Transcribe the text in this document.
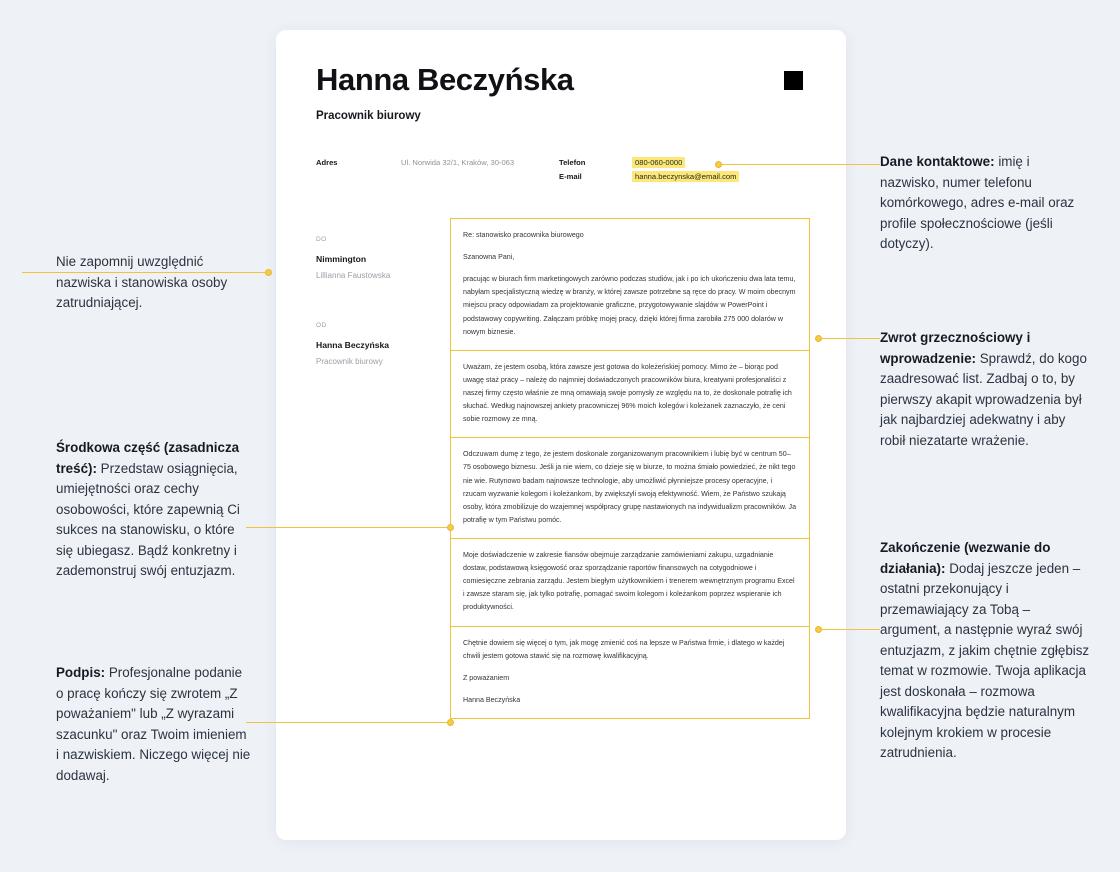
Hanna Beczyńska
Pracownik biurowy
Adres	Ul. Norwida 32/1, Kraków, 30-063	Telefon	080-060-0000
E-mail	hanna.beczynska@email.com
DO
Nimmington
Lillianna Faustowska
OD
Hanna Beczyńska
Pracownik biurowy

Re: stanowisko pracownika biurowego

Szanowna Pani,

pracując w biurach firm marketingowych zarówno podczas studiów, jak i po ich ukończeniu dwa lata temu, nabyłam specjalistyczną wiedzę w branży, w której zawsze potrzebne są ręce do pracy. W moim obecnym miejscu pracy odpowiadam za projektowanie graficzne, przygotowywanie slajdów w PowerPoint i podstawowy copywriting. Załączam próbkę mojej pracy, dzięki której firma zarobiła 275 000 dolarów w nowym biznesie.

Uważam, że jestem osobą, która zawsze jest gotowa do koleżeńskiej pomocy. Mimo że – biorąc pod uwagę staż pracy – należę do najmniej doświadczonych pracowników biura, kreatywni profesjonaliści z naszej firmy często właśnie ze mną omawiają swoje pomysły ze względu na to, że doskonale potrafię ich słuchać. Według najnowszej ankiety pracowniczej 96% moich kolegów i koleżanek zaznaczyło, że ceni sobie rozmowy ze mną.

Odczuwam dumę z tego, że jestem doskonale zorganizowanym pracownikiem i lubię być w centrum 50–75 osobowego biznesu. Jeśli ja nie wiem, co dzieje się w biurze, to można śmiało powiedzieć, że nikt tego nie wie. Rutynowo badam najnowsze technologie, aby umożliwić płynniejsze procesy operacyjne, i rzucam wyzwanie kolegom i koleżankom, by zwiększyli swoją efektywność. Wiem, że Państwo szukają osoby, która zmobilizuje do wzajemnej współpracy grupę nastawionych na indywidualizm pracowników. Ja potrafię w tym Państwu pomóc.

Moje doświadczenie w zakresie fiansów obejmuje zarządzanie zamówieniami zakupu, uzgadnianie dostaw, podstawową księgowość oraz sporządzanie raportów finansowych na cotygodniowe i comiesięczne zebrania zarządu. Jestem biegłym użytkownikiem i trenerem wewnętrznym programu Excel i zawsze staram się, jak tylko potrafię, pomagać swoim kolegom i koleżankom poprzez wspieranie ich produktywności.

Chętnie dowiem się więcej o tym, jak mogę zmienić coś na lepsze w Państwa frmie, i dlatego w każdej chwili jestem gotowa stawić się na rozmowę kwalifikacyjną.

Z poważaniem

Hanna Beczyńska

Nie zapomnij uwzględnić nazwiska i stanowiska osoby zatrudniającej.
Środkowa część (zasadnicza treść): Przedstaw osiągnięcia, umiejętności oraz cechy osobowości, które zapewnią Ci sukces na stanowisku, o które się ubiegasz. Bądź konkretny i zademonstruj swój entuzjazm.
Podpis: Profesjonalne podanie o pracę kończy się zwrotem „Z poważaniem" lub „Z wyrazami szacunku" oraz Twoim imieniem i nazwiskiem. Niczego więcej nie dodawaj.
Dane kontaktowe: imię i nazwisko, numer telefonu komórkowego, adres e-mail oraz profile społecznościowe (jeśli dotyczy).
Zwrot grzecznościowy i wprowadzenie: Sprawdź, do kogo zaadresować list. Zadbaj o to, by pierwszy akapit wprowadzenia był jak najbardziej adekwatny i aby robił niezatarte wrażenie.
Zakończenie (wezwanie do działania): Dodaj jeszcze jeden – ostatni przekonujący i przemawiający za Tobą – argument, a następnie wyraź swój entuzjazm, z jakim chętnie zgłębisz temat w rozmowie. Twoja aplikacja jest doskonała – rozmowa kwalifikacyjna będzie naturalnym kolejnym krokiem w procesie zatrudnienia.
